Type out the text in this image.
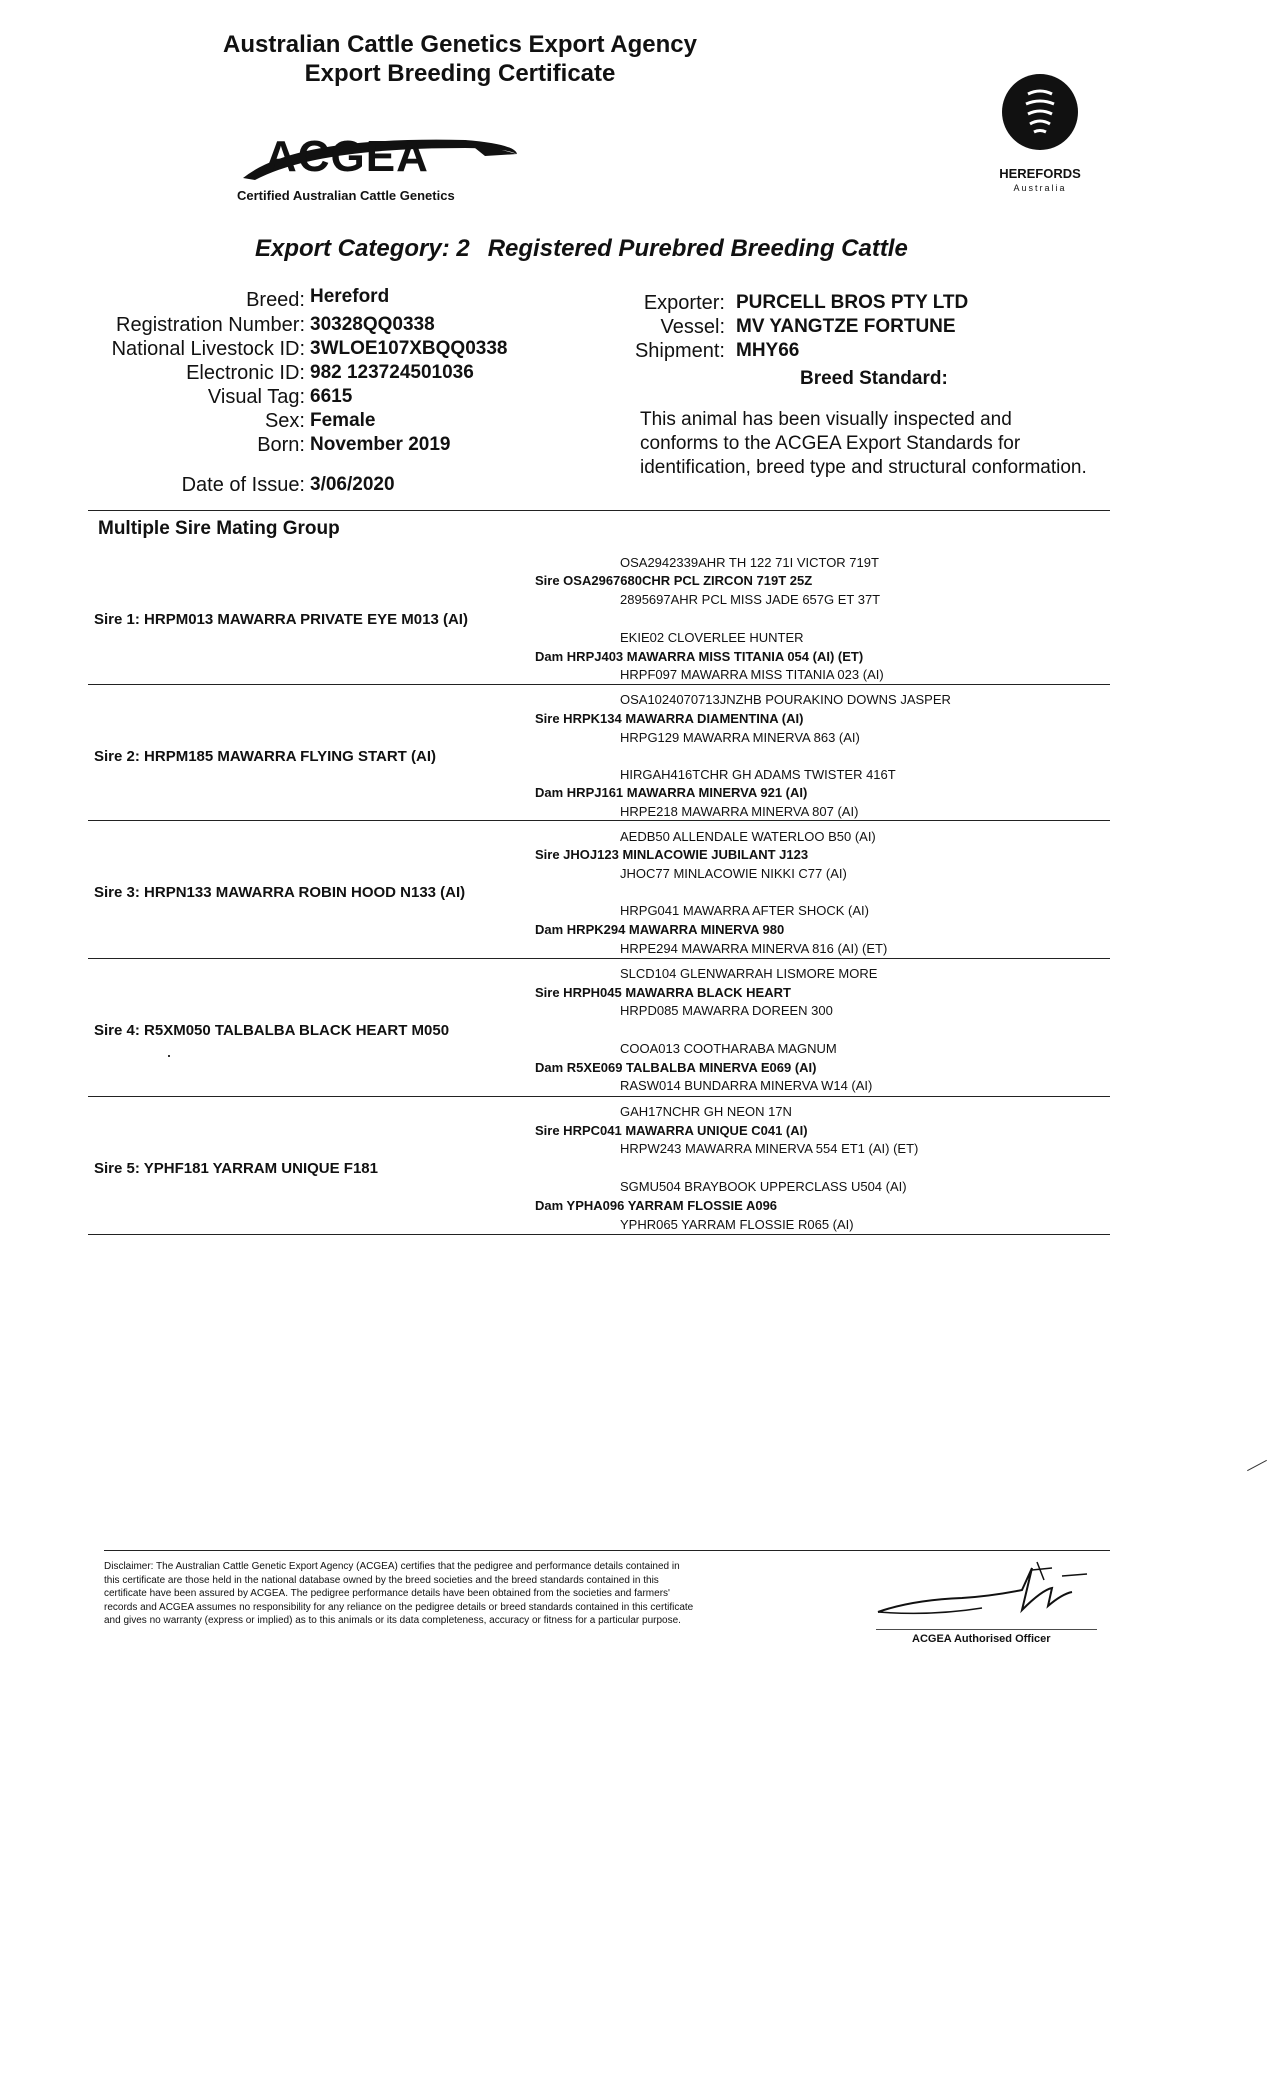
Australian Cattle Genetics Export Agency
Export Breeding Certificate
ACGEA
Certified Australian Cattle Genetics
HEREFORDS
Australia
Export Category: 2 Registered Purebred Breeding Cattle
Breed: Hereford
Registration Number: 30328QQ0338
National Livestock ID: 3WLOE107XBQQ0338
Electronic ID: 982 123724501036
Visual Tag: 6615
Sex: Female
Born: November 2019
Date of Issue: 3/06/2020
Exporter: PURCELL BROS PTY LTD
Vessel: MV YANGTZE FORTUNE
Shipment: MHY66
Breed Standard:
This animal has been visually inspected and
conforms to the ACGEA Export Standards for
identification, breed type and structural conformation.
Multiple Sire Mating Group
OSA2942339AHR TH 122 71I VICTOR 719T
Sire OSA2967680CHR PCL ZIRCON 719T 25Z
2895697AHR PCL MISS JADE 657G ET 37T
Sire 1: HRPM013 MAWARRA PRIVATE EYE M013 (AI)
EKIE02 CLOVERLEE HUNTER
Dam HRPJ403 MAWARRA MISS TITANIA 054 (AI) (ET)
HRPF097 MAWARRA MISS TITANIA 023 (AI)
OSA1024070713JNZHB POURAKINO DOWNS JASPER
Sire HRPK134 MAWARRA DIAMENTINA (AI)
HRPG129 MAWARRA MINERVA 863 (AI)
Sire 2: HRPM185 MAWARRA FLYING START (AI)
HIRGAH416TCHR GH ADAMS TWISTER 416T
Dam HRPJ161 MAWARRA MINERVA 921 (AI)
HRPE218 MAWARRA MINERVA 807 (AI)
AEDB50 ALLENDALE WATERLOO B50 (AI)
Sire JHOJ123 MINLACOWIE JUBILANT J123
JHOC77 MINLACOWIE NIKKI C77 (AI)
Sire 3: HRPN133 MAWARRA ROBIN HOOD N133 (AI)
HRPG041 MAWARRA AFTER SHOCK (AI)
Dam HRPK294 MAWARRA MINERVA 980
HRPE294 MAWARRA MINERVA 816 (AI) (ET)
SLCD104 GLENWARRAH LISMORE MORE
Sire HRPH045 MAWARRA BLACK HEART
HRPD085 MAWARRA DOREEN 300
Sire 4: R5XM050 TALBALBA BLACK HEART M050
COOA013 COOTHARABA MAGNUM
Dam R5XE069 TALBALBA MINERVA E069 (AI)
RASW014 BUNDARRA MINERVA W14 (AI)
GAH17NCHR GH NEON 17N
Sire HRPC041 MAWARRA UNIQUE C041 (AI)
HRPW243 MAWARRA MINERVA 554 ET1 (AI) (ET)
Sire 5: YPHF181 YARRAM UNIQUE F181
SGMU504 BRAYBOOK UPPERCLASS U504 (AI)
Dam YPHA096 YARRAM FLOSSIE A096
YPHR065 YARRAM FLOSSIE R065 (AI)
Disclaimer: The Australian Cattle Genetic Export Agency (ACGEA) certifies that the pedigree and performance details contained in
this certificate are those held in the national database owned by the breed societies and the breed standards contained in this
certificate have been assured by ACGEA. The pedigree performance details have been obtained from the societies and farmers'
records and ACGEA assumes no responsibility for any reliance on the pedigree details or breed standards contained in this certificate
and gives no warranty (express or implied) as to this animals or its data completeness, accuracy or fitness for a particular purpose.
ACGEA Authorised Officer
